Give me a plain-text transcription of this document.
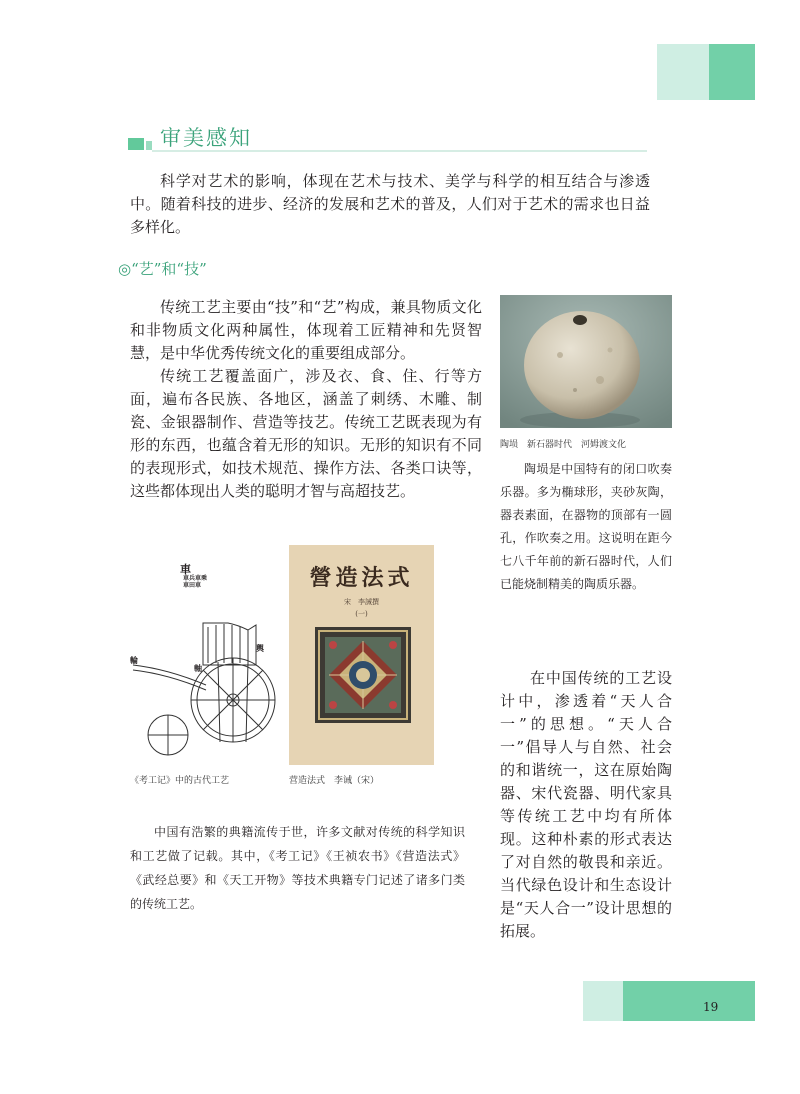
审美感知
科学对艺术的影响，体现在艺术与技术、美学与科学的相互结合与渗透中。随着科技的进步、经济的发展和艺术的普及，人们对于艺术的需求也日益多样化。
◎“艺”和“技”

传统工艺主要由“技”和“艺”构成，兼具物质文化和非物质文化两种属性，体现着工匠精神和先贤智慧，是中华优秀传统文化的重要组成部分。

传统工艺覆盖面广，涉及衣、食、住、行等方面，遍布各民族、各地区，涵盖了刺绣、木雕、制瓷、金银器制作、营造等技艺。传统工艺既表现为有形的东西，也蕴含着无形的知识。无形的知识有不同的表现形式，如技术规范、操作方法、各类口诀等，这些都体现出人类的聪明才智与高超技艺。

陶埙　新石器时代　河姆渡文化
陶埙是中国特有的闭口吹奏乐器。多为椭球形，夹砂灰陶，器表素面，在器物的顶部有一圆孔，作吹奏之用。这说明在距今七八千年前的新石器时代，人们已能烧制精美的陶质乐器。
車
車兵車乘車田車
輪
輿
軸
營造法式
宋　李誡撰
(一)
《考工记》中的古代工艺	营造法式　李诫（宋）
中国有浩繁的典籍流传于世，许多文献对传统的科学知识和工艺做了记载。其中，《考工记》《王祯农书》《营造法式》《武经总要》和《天工开物》等技术典籍专门记述了诸多门类的传统工艺。
在中国传统的工艺设计中，渗透着“天人合一”的思想。“天人合一”倡导人与自然、社会的和谐统一，这在原始陶器、宋代瓷器、明代家具等传统工艺中均有所体现。这种朴素的形式表达了对自然的敬畏和亲近。当代绿色设计和生态设计是“天人合一”设计思想的拓展。
19
